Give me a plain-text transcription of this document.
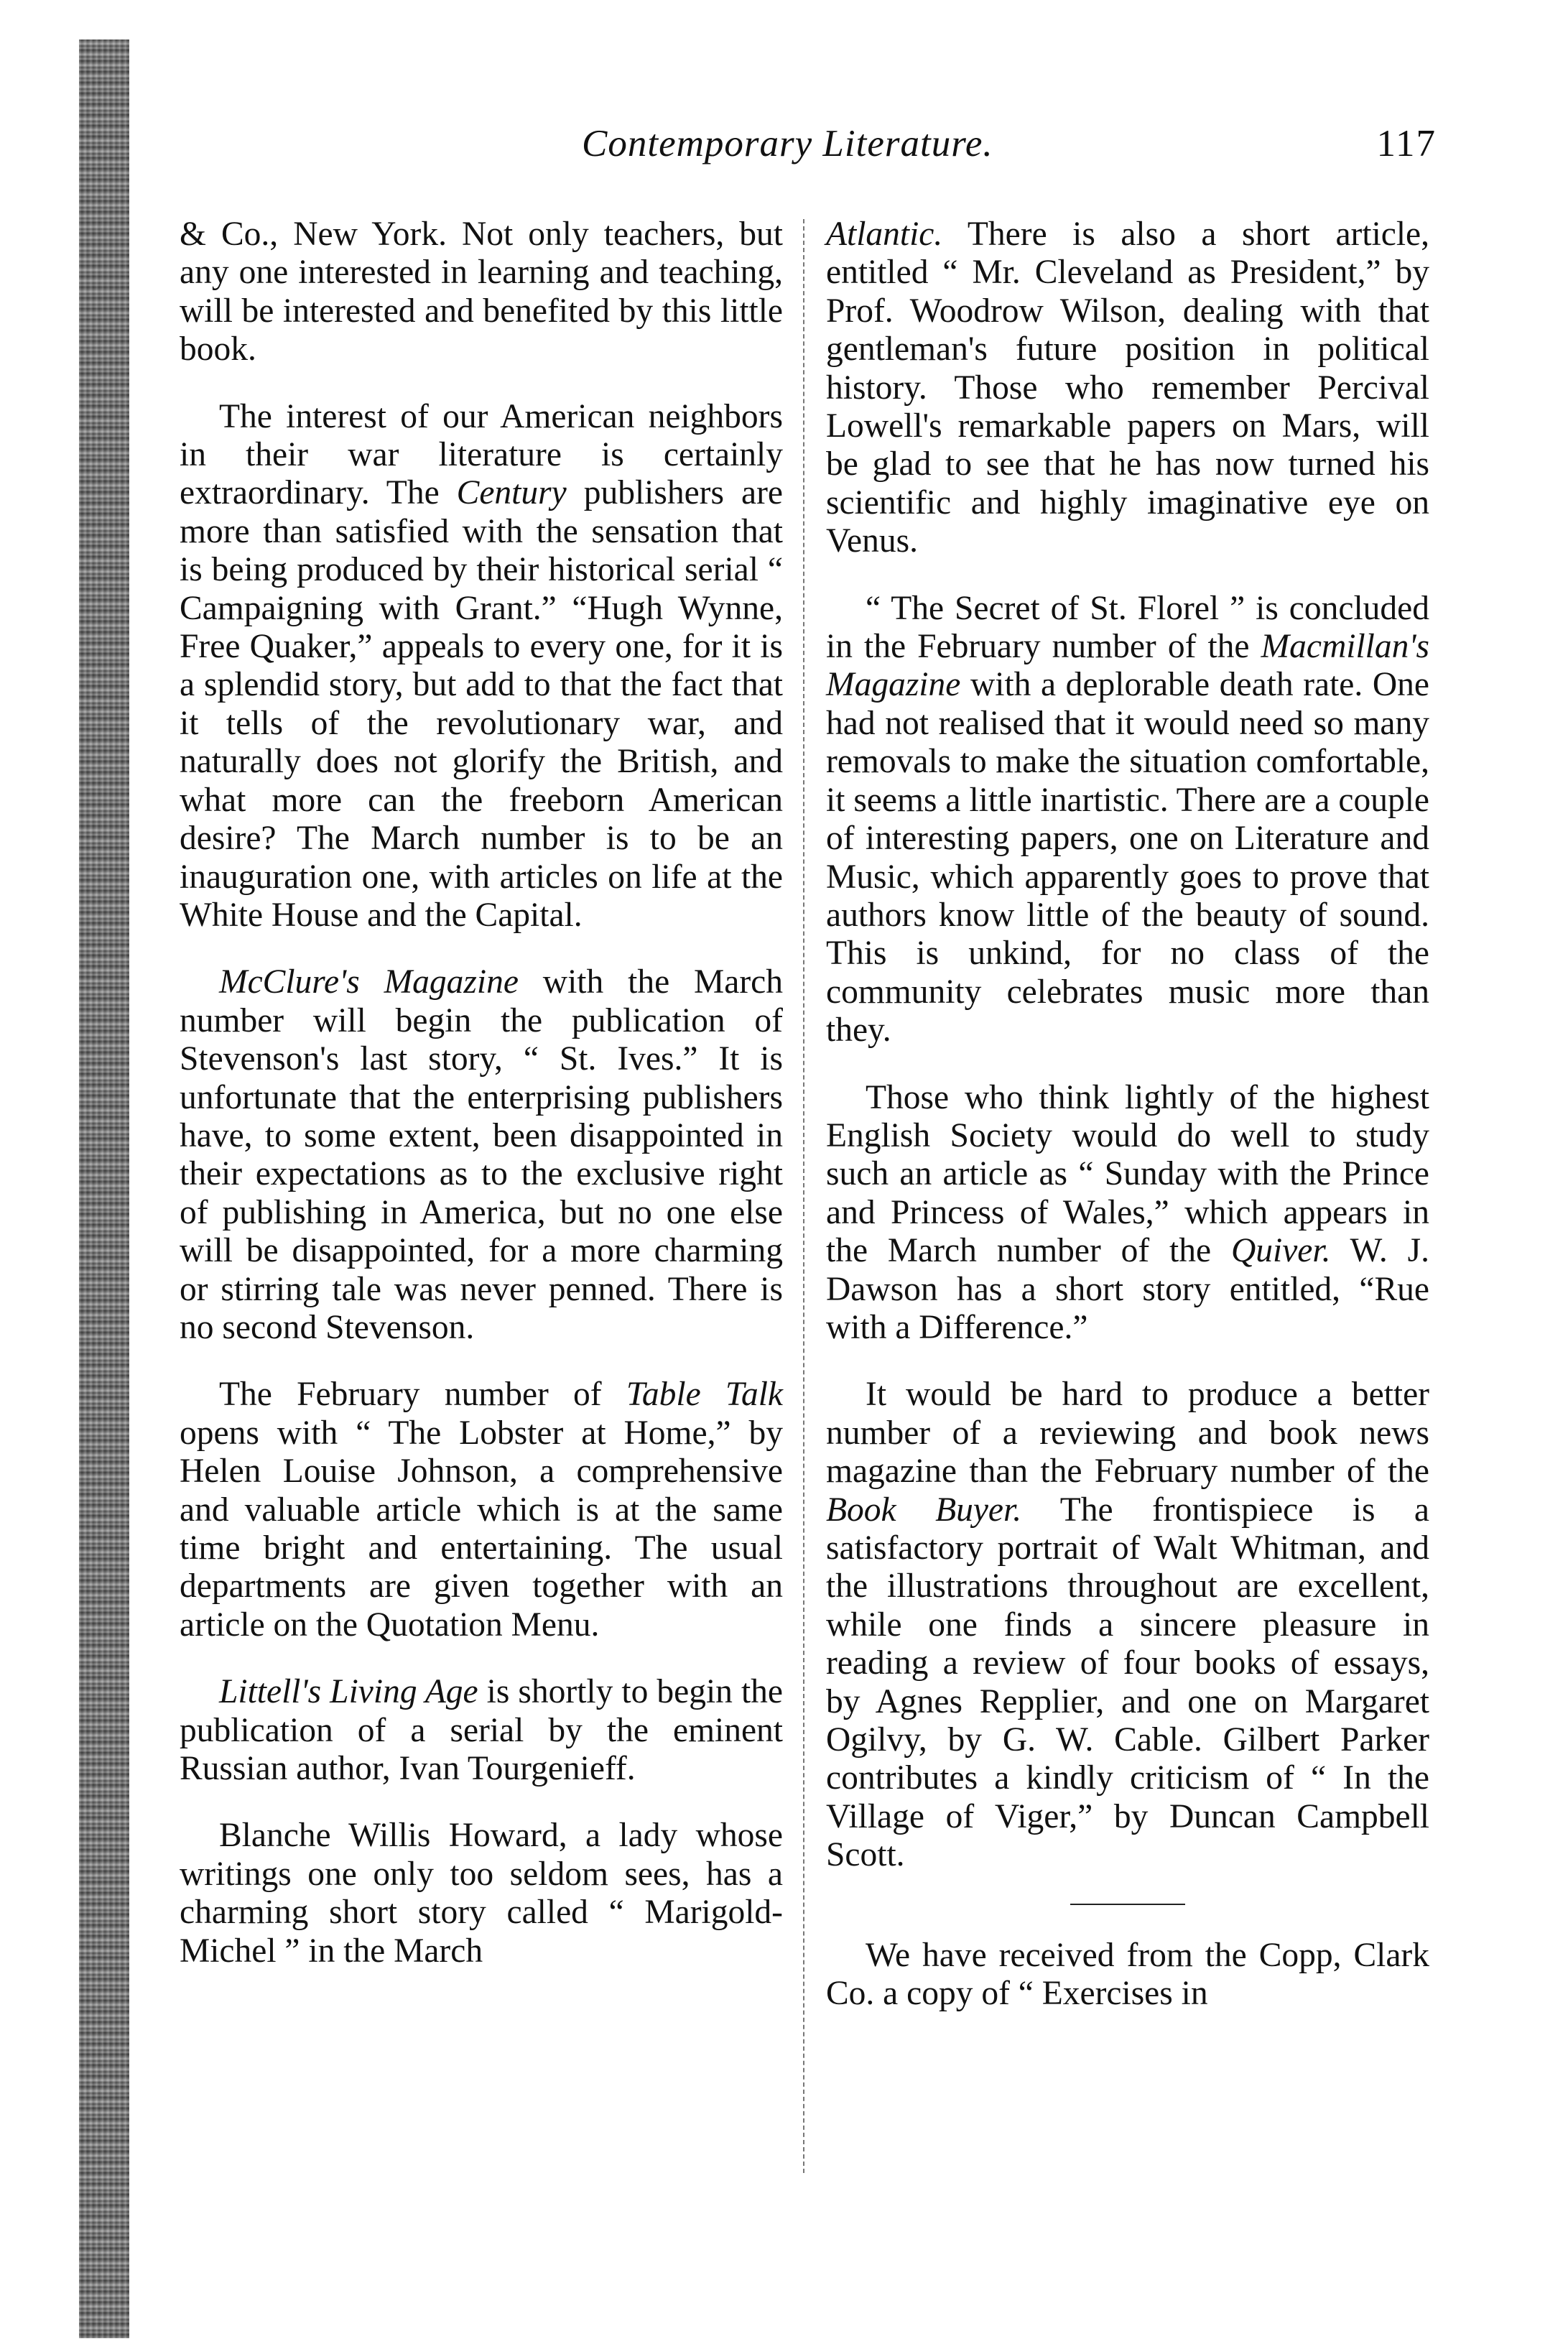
Contemporary Literature.	117

& Co., New York. Not only teachers, but any one interested in learning and teaching, will be interested and benefited by this little book.

The interest of our American neighbors in their war literature is certainly extraordinary. The Century publishers are more than satisfied with the sensation that is being produced by their historical serial “ Campaigning with Grant.” “Hugh Wynne, Free Quaker,” appeals to every one, for it is a splendid story, but add to that the fact that it tells of the revolutionary war, and naturally does not glorify the British, and what more can the freeborn American desire? The March number is to be an inauguration one, with articles on life at the White House and the Capital.

McClure's Magazine with the March number will begin the publication of Stevenson's last story, “ St. Ives.” It is unfortunate that the enterprising publishers have, to some extent, been disappointed in their expectations as to the exclusive right of publishing in America, but no one else will be disappointed, for a more charming or stirring tale was never penned. There is no second Stevenson.

The February number of Table Talk opens with “ The Lobster at Home,” by Helen Louise Johnson, a comprehensive and valuable article which is at the same time bright and entertaining. The usual departments are given together with an article on the Quotation Menu.

Littell's Living Age is shortly to begin the publication of a serial by the eminent Russian author, Ivan Tourgenieff.

Blanche Willis Howard, a lady whose writings one only too seldom sees, has a charming short story called “ Marigold-Michel ” in the March

Atlantic. There is also a short article, entitled “ Mr. Cleveland as President,” by Prof. Woodrow Wilson, dealing with that gentleman's future position in political history. Those who remember Percival Lowell's remarkable papers on Mars, will be glad to see that he has now turned his scientific and highly imaginative eye on Venus.

“ The Secret of St. Florel ” is concluded in the February number of the Macmillan's Magazine with a deplorable death rate. One had not realised that it would need so many removals to make the situation comfortable, it seems a little inartistic. There are a couple of interesting papers, one on Literature and Music, which apparently goes to prove that authors know little of the beauty of sound. This is unkind, for no class of the community celebrates music more than they.

Those who think lightly of the highest English Society would do well to study such an article as “ Sunday with the Prince and Princess of Wales,” which appears in the March number of the Quiver. W. J. Dawson has a short story entitled, “Rue with a Difference.”

It would be hard to produce a better number of a reviewing and book news magazine than the February number of the Book Buyer. The frontispiece is a satisfactory portrait of Walt Whitman, and the illustrations throughout are excellent, while one finds a sincere pleasure in reading a review of four books of essays, by Agnes Repplier, and one on Margaret Ogilvy, by G. W. Cable. Gilbert Parker contributes a kindly criticism of “ In the Village of Viger,” by Duncan Campbell Scott.

We have received from the Copp, Clark Co. a copy of “ Exercises in
